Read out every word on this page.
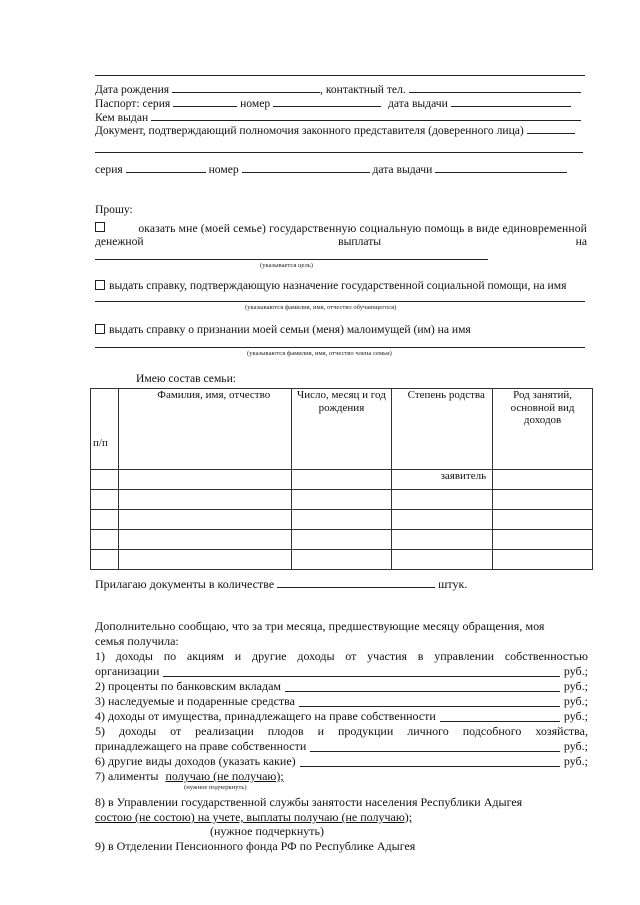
Дата рождения	, контактный тел.
Паспорт: серия	номер	дата выдачи
Кем выдан
Документ, подтверждающий полномочия законного представителя (доверенного лица)
серия	номер	дата выдачи
Прошу:
оказать мне (моей семье) государственную социальную помощь в виде единовременной
денежной	выплаты	на
(указывается цель)
выдать справку, подтверждающую назначение государственной социальной помощи, на имя
(указываются фамилия, имя, отчество обучающегося)
выдать справку о признании моей семьи (меня) малоимущей (им) на имя
(указываются фамилия, имя, отчество члена семьи)
Имею состав семьи:
п/п	Фамилия, имя, отчество	Число, месяц и год рождения	Степень родства	Род занятий, основной вид доходов
			заявитель	

Прилагаю документы в количестве	штук.
Дополнительно сообщаю, что за три месяца, предшествующие месяцу обращения, моя
семья получила:
1) доходы по акциям и другие доходы от участия в управлении собственностью
организации	руб.;
2) проценты по банковским вкладам	руб.;
3) наследуемые и подаренные средства	руб.;
4) доходы от имущества, принадлежащего на праве собственности	руб.;
5) доходы от реализации плодов и продукции личного подсобного хозяйства,
принадлежащего на праве собственности	руб.;
6) другие виды доходов (указать какие)	руб.;
7) алименты получаю (не получаю);
(нужное подчеркнуть)
8) в Управлении государственной службы занятости населения Республики Адыгея
состою (не состою) на учете, выплаты получаю (не получаю);
(нужное подчеркнуть)
9) в Отделении Пенсионного фонда РФ по Республике Адыгея
